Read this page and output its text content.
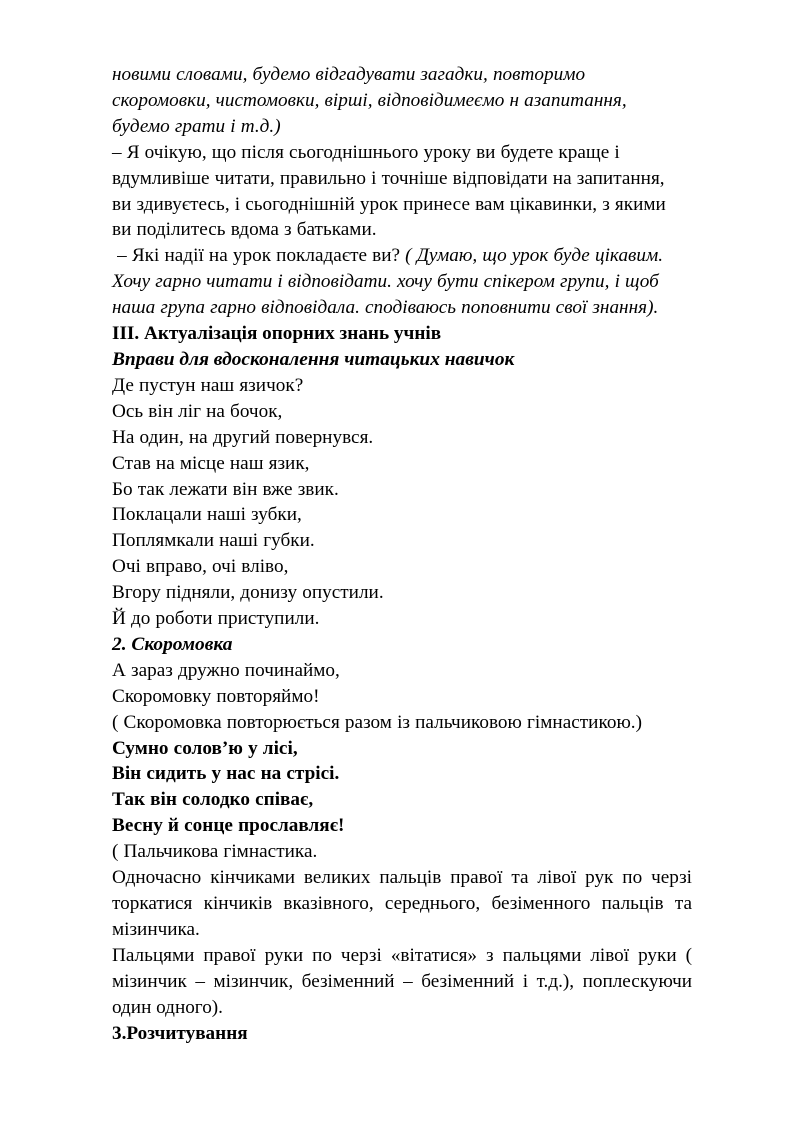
новими словами, будемо відгадувати загадки, повторимо
скоромовки, чистомовки, вірші, відповідимеємо н азапитання,
будемо грати і т.д.)
– Я очікую, що після сьогоднішнього уроку ви будете краще і
вдумливіше читати, правильно і точніше відповідати на запитання,
ви здивуєтесь, і сьогоднішній урок принесе вам цікавинки, з якими
ви поділитесь вдома з батьками.
– Які надії на урок покладаєте ви? ( Думаю, що урок буде цікавим.
Хочу гарно читати і відповідати. хочу бути спікером групи, і щоб
наша група гарно відповідала. сподіваюсь поповнити свої знання).
ІІІ. Актуалізація опорних знань учнів
Вправи для вдосконалення читацьких навичок
Де пустун наш язичок?
Ось він ліг на бочок,
На один, на другий повернувся.
Став на місце наш язик,
Бо так лежати він вже звик.
Поклацали наші зубки,
Поплямкали наші губки.
Очі вправо, очі вліво,
Вгору підняли, донизу опустили.
Й до роботи приступили.
2. Скоромовка
А зараз дружно починаймо,
Скоромовку повторяймо!
( Скоромовка повторюється разом із пальчиковою гімнастикою.)
Сумно солов’ю у лісі,
Він сидить у нас на стрісі.
Так він солодко співає,
Весну й сонце прославляє!
( Пальчикова гімнастика.

Одночасно кінчиками великих пальців правої та лівої рук по черзі торкатися кінчиків вказівного, середнього, безіменного пальців та мізинчика.

Пальцями правої руки по черзі «вітатися» з пальцями лівої руки ( мізинчик – мізинчик, безіменний – безіменний і т.д.), поплескуючи один одного).

3.Розчитування
